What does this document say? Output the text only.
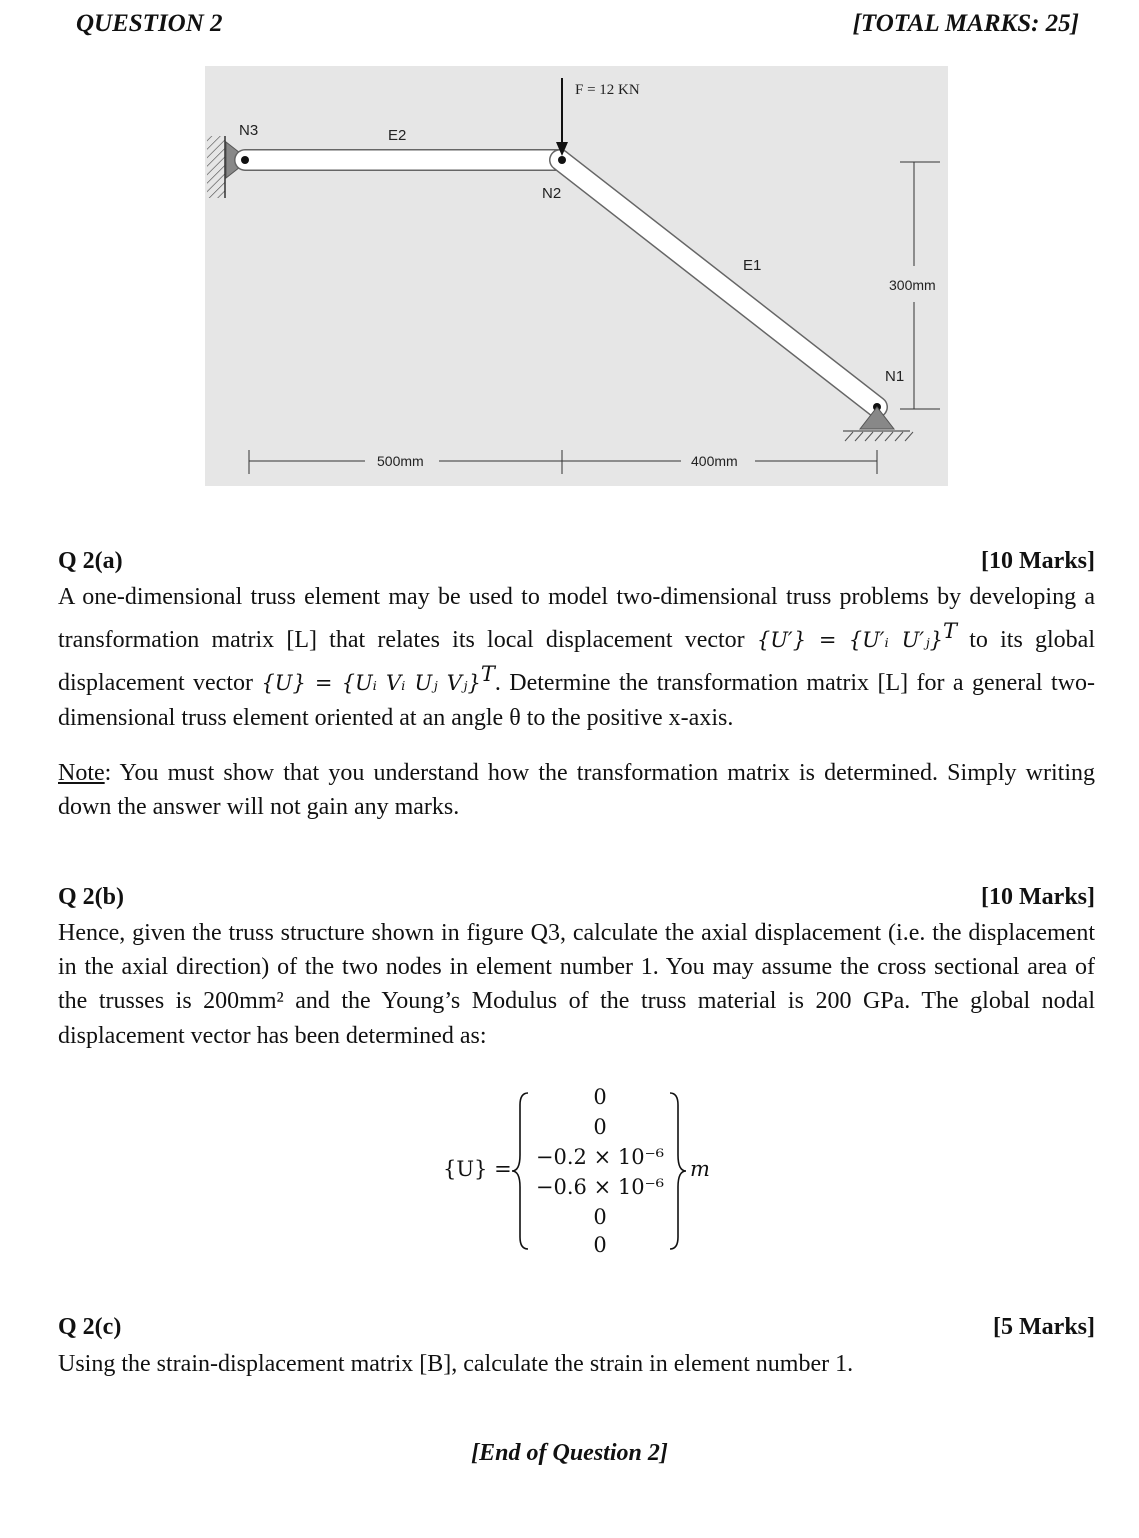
QUESTION 2	[TOTAL MARKS: 25]
F = 12 KN
N3	E2
N2
E1
N1
300mm
500mm	400mm
Q 2(a)	[10 Marks]
A one-dimensional truss element may be used to model two-dimensional truss problems by developing a transformation matrix [L] that relates its local displacement vector {U′} = {U′ᵢ U′ⱼ}$^T$ to its global displacement vector {U} = {Uᵢ Vᵢ Uⱼ Vⱼ}$^T$. Determine the transformation matrix [L] for a general two-dimensional truss element oriented at an angle θ to the positive x-axis.
Note: You must show that you understand how the transformation matrix is determined. Simply writing down the answer will not gain any marks.
Q 2(b)	[10 Marks]
Hence, given the truss structure shown in figure Q3, calculate the axial displacement (i.e. the displacement in the axial direction) of the two nodes in element number 1. You may assume the cross sectional area of the trusses is 200mm² and the Young’s Modulus of the truss material is 200 GPa. The global nodal displacement vector has been determined as:
{U} =
0
0
−0.2 × 10⁻⁶
−0.6 × 10⁻⁶
0
0
m
Q 2(c)	[5 Marks]
Using the strain-displacement matrix [B], calculate the strain in element number 1.
[End of Question 2]
